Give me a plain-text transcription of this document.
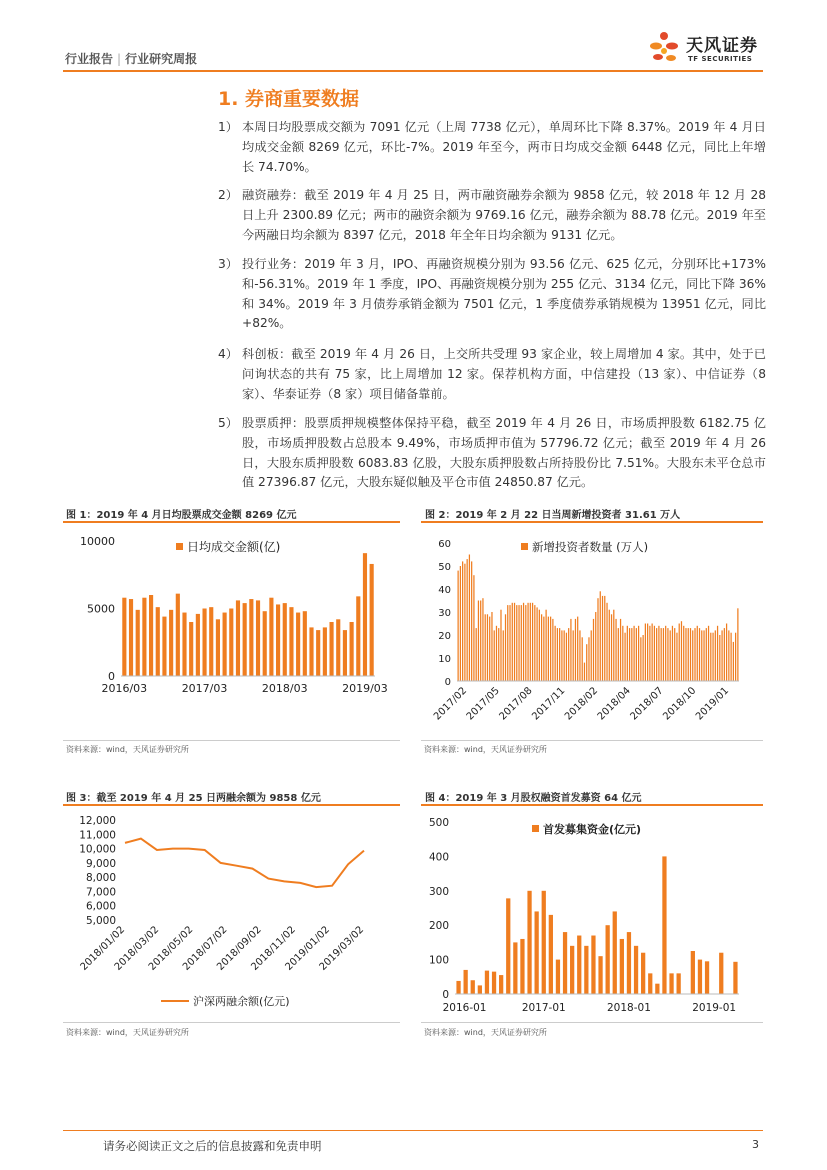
行业报告 | 行业研究周报
天风证券
TF SECURITIES
1. 券商重要数据
1） 本周日均股票成交额为 7091 亿元（上周 7738 亿元），单周环比下降 8.37%。2019 年 4 月日均成交金额 8269 亿元，环比-7%。2019 年至今，两市日均成交金额 6448 亿元，同比上年增长 74.70%。
2） 融资融券：截至 2019 年 4 月 25 日，两市融资融券余额为 9858 亿元，较 2018 年 12 月 28 日上升 2300.89 亿元；两市的融资余额为 9769.16 亿元，融券余额为 88.78 亿元。2019 年至今两融日均余额为 8397 亿元，2018 年全年日均余额为 9131 亿元。
3） 投行业务：2019 年 3 月，IPO、再融资规模分别为 93.56 亿元、625 亿元，分别环比+173%和-56.31%。2019 年 1 季度，IPO、再融资规模分别为 255 亿元、3134 亿元，同比下降 36%和 34%。2019 年 3 月债券承销金额为 7501 亿元，1 季度债券承销规模为 13951 亿元，同比+82%。
4） 科创板：截至 2019 年 4 月 26 日，上交所共受理 93 家企业，较上周增加 4 家。其中，处于已问询状态的共有 75 家，比上周增加 12 家。保荐机构方面，中信建投（13 家）、中信证券（8 家）、华泰证券（8 家）项目储备靠前。
5） 股票质押：股票质押规模整体保持平稳，截至 2019 年 4 月 26 日，市场质押股数 6182.75 亿股，市场质押股数占总股本 9.49%，市场质押市值为 57796.72 亿元；截至 2019 年 4 月 26 日，大股东质押股数 6083.83 亿股，大股东质押股数占所持股份比 7.51%。大股东未平仓总市值 27396.87 亿元，大股东疑似触及平仓市值 24850.87 亿元。
图 1：2019 年 4 月日均股票成交金额 8269 亿元	图 2：2019 年 2 月 22 日当周新增投资者 31.61 万人
0
5000
10000	日均成交金额(亿)
2016/03	2017/03	2018/03	2019/03	0
10
20
30
40
50
60	新增投资者数量 (万人)
2017/02
2017/05
2017/08
2017/11
2018/02
2018/04
2018/07
2018/10
2019/01
资料来源：wind，天风证券研究所	资料来源：wind，天风证券研究所
图 3：截至 2019 年 4 月 25 日两融余额为 9858 亿元	图 4：2019 年 3 月股权融资首发募资 64 亿元
5,000
6,000
7,000
8,000
9,000
10,000
11,000
12,000
2018/01/02
2018/03/02
2018/05/02
2018/07/02
2018/09/02
2018/11/02
2019/01/02
2019/03/02
沪深两融余额(亿元)	0
100
200
300
400
500	首发募集资金(亿元)
2016-01	2017-01	2018-01	2019-01
资料来源：wind，天风证券研究所	资料来源：wind，天风证券研究所
请务必阅读正文之后的信息披露和免责申明	3
